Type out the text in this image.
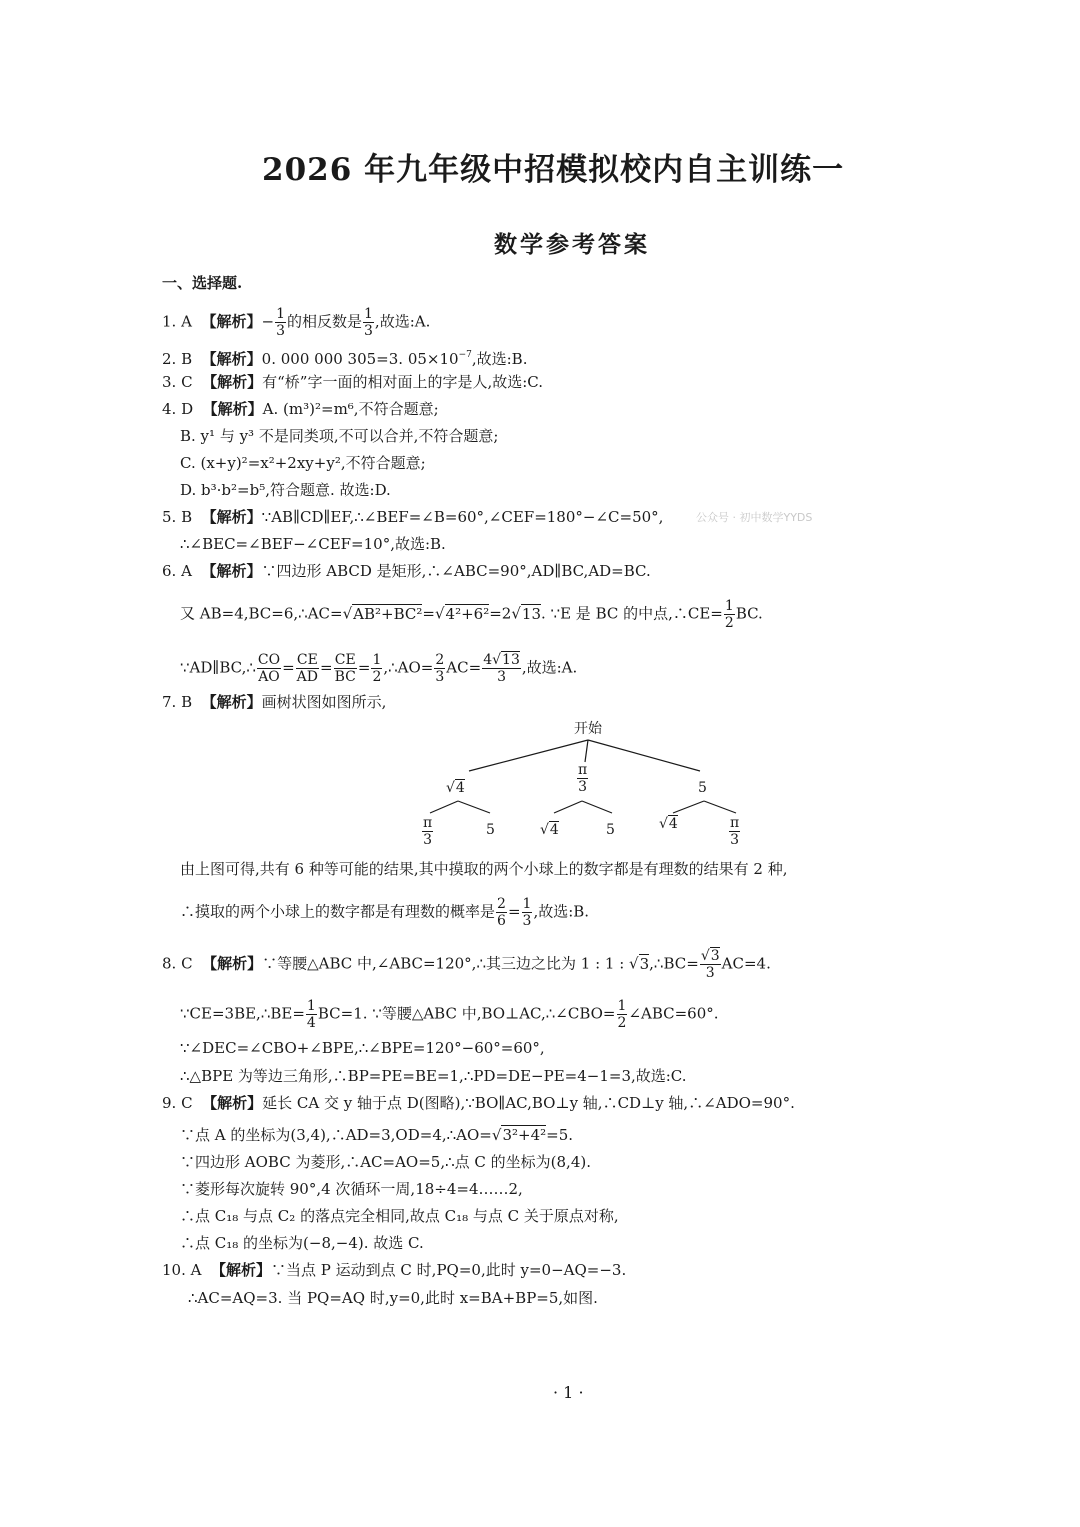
2026 年九年级中招模拟校内自主训练一
数学参考答案
一、选择题.
1. A 【解析】− $\frac{1}{3}$ 的相反数是 $\frac{1}{3}$ ,故选:A.
2. B 【解析】0. 000 000 305=3. $05\times 10^{-7}$,故选:B.
3. C 【解析】有“桥”字一面的相对面上的字是人,故选:C.
4. D 【解析】A. (m³)²=m⁶,不符合题意;
B. y¹ 与 y³ 不是同类项,不可以合并,不符合题意;
C. (x+y)²=x²+2xy+y²,不符合题意;
D. b³·b²=b⁵,符合题意. 故选:D.
5. B 【解析】∵AB∥CD∥EF,∴∠BEF=∠B=60°,∠CEF=180°−∠C=50°,	公众号 · 初中数学YYDS
∴∠BEC=∠BEF−∠CEF=10°,故选:B.
6. A 【解析】∵四边形 ABCD 是矩形,∴∠ABC=90°,AD∥BC,AD=BC.
又 AB=4,BC=6,∴AC=√AB²+BC²=√4²+6²=2√13. ∵E 是 BC 的中点,∴CE= $\frac{1}{2}$ BC.
∵AD∥BC,∴ $\frac{CO}{AO} = \frac{CE}{AD} = \frac{CE}{BC} = \frac{1}{2}$ ,∴AO= $\frac{2}{3} AC= \frac{4√13}{3}$ ,故选:A.
7. B 【解析】画树状图如图所示,
开始
√4	$\frac{\pi}{3}$	5
$\frac{\pi}{3}$	5	√4	5	√4	$\frac{\pi}{3}$
由上图可得,共有 6 种等可能的结果,其中摸取的两个小球上的数字都是有理数的结果有 2 种,
∴摸取的两个小球上的数字都是有理数的概率是 $\frac{2}{6} = \frac{1}{3}$ ,故选:B.
8. C 【解析】∵等腰△ABC 中,∠ABC=120°,∴其三边之比为 1 : 1 : √3,∴BC= $\frac{√3}{3} AC=4$.
∵CE=3BE,∴BE= $\frac{1}{4} BC=1$. ∵等腰△ABC 中,BO⊥AC,∴∠CBO= $\frac{1}{2}$ ∠ABC=60°.
∵∠DEC=∠CBO+∠BPE,∴∠BPE=120°−60°=60°,
∴△BPE 为等边三角形,∴BP=PE=BE=1,∴PD=DE−PE=4−1=3,故选:C.
9. C 【解析】延长 CA 交 y 轴于点 D(图略),∵BO∥AC,BO⊥y 轴,∴CD⊥y 轴,∴∠ADO=90°.
∵点 A 的坐标为(3,4),∴AD=3,OD=4,∴AO=√3²+4²=5.
∵四边形 AOBC 为菱形,∴AC=AO=5,∴点 C 的坐标为(8,4).
∵菱形每次旋转 90°,4 次循环一周,18÷4=4……2,
∴点 C₁₈ 与点 C₂ 的落点完全相同,故点 C₁₈ 与点 C 关于原点对称,
∴点 C₁₈ 的坐标为(−8,−4). 故选 C.
10. A 【解析】∵当点 P 运动到点 C 时,PQ=0,此时 y=0−AQ=−3.
∴AC=AQ=3. 当 PQ=AQ 时,y=0,此时 x=BA+BP=5,如图.
· 1 ·
